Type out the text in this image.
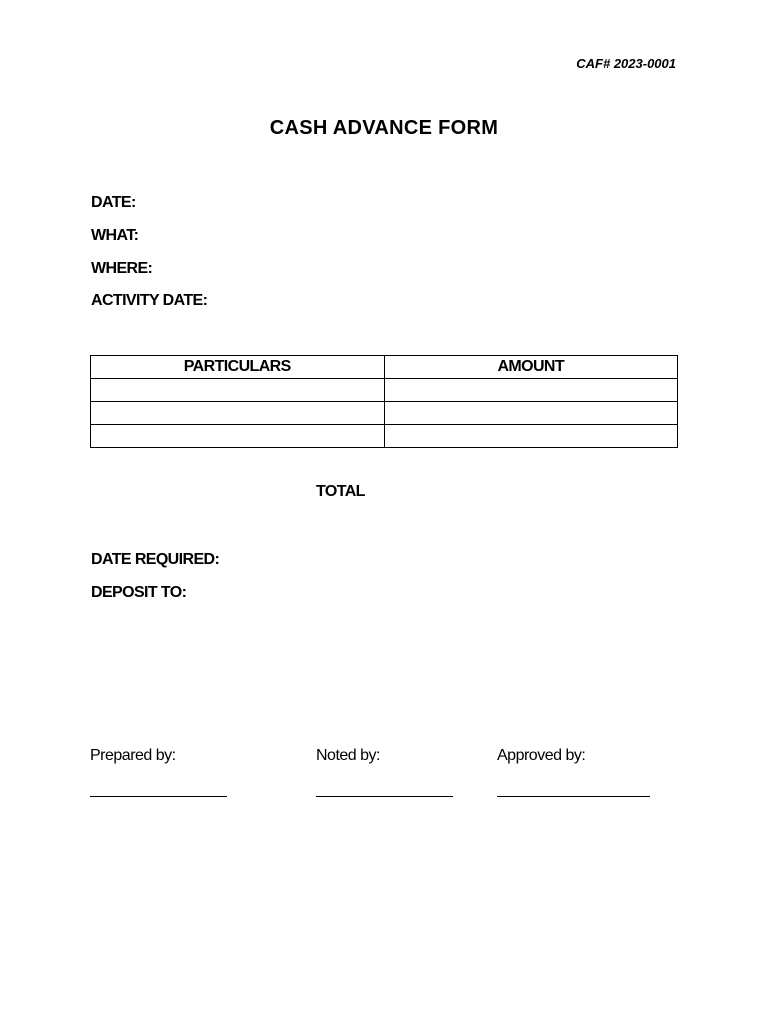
CAF# 2023-0001
CASH ADVANCE FORM
DATE:
WHAT:
WHERE:
ACTIVITY DATE:
PARTICULARS	AMOUNT

TOTAL
DATE REQUIRED:
DEPOSIT TO:
Prepared by:	Noted by:	Approved by:
